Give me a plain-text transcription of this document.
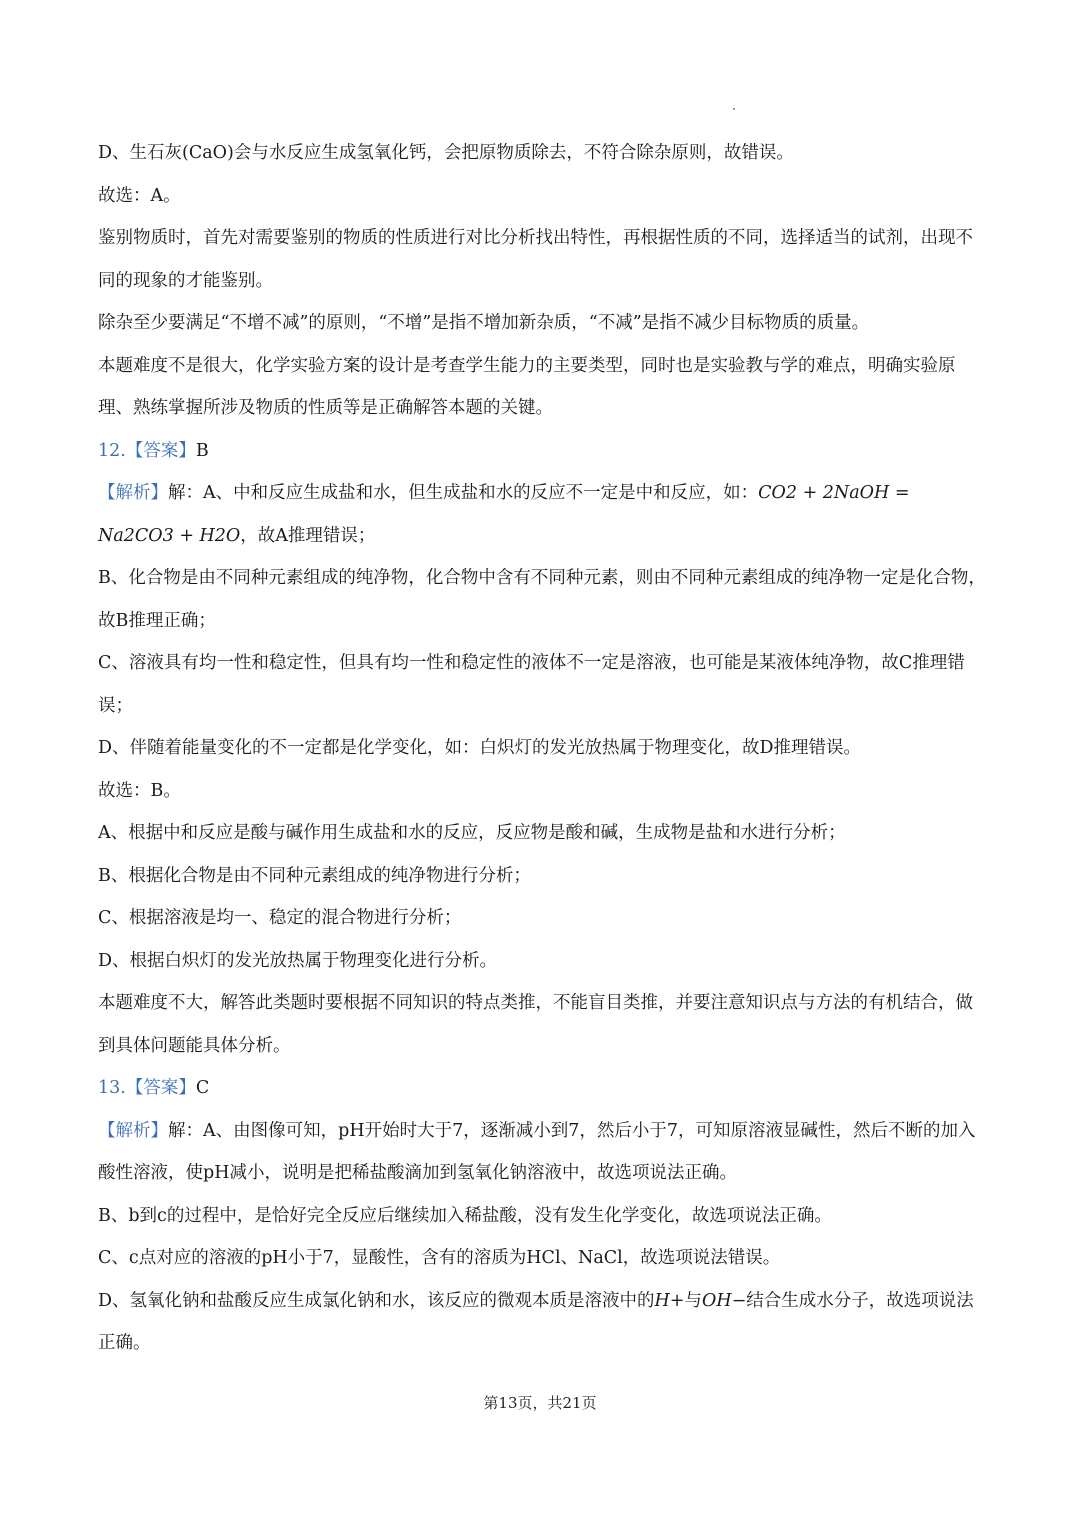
D、生石灰(CaO)会与水反应生成氢氧化钙，会把原物质除去，不符合除杂原则，故错误。

故选：A。

鉴别物质时，首先对需要鉴别的物质的性质进行对比分析找出特性，再根据性质的不同，选择适当的试剂，出现不同的现象的才能鉴别。

除杂至少要满足“不增不减”的原则，“不增”是指不增加新杂质，“不减”是指不减少目标物质的质量。

本题难度不是很大，化学实验方案的设计是考查学生能力的主要类型，同时也是实验教与学的难点，明确实验原理、熟练掌握所涉及物质的性质等是正确解答本题的关键。

12.【答案】B

【解析】解：A、中和反应生成盐和水，但生成盐和水的反应不一定是中和反应，如：CO2 + 2NaOH = Na2CO3 + H2O，故A推理错误；

B、化合物是由不同种元素组成的纯净物，化合物中含有不同种元素，则由不同种元素组成的纯净物一定是化合物，故B推理正确；

C、溶液具有均一性和稳定性，但具有均一性和稳定性的液体不一定是溶液，也可能是某液体纯净物，故C推理错误；

D、伴随着能量变化的不一定都是化学变化，如：白炽灯的发光放热属于物理变化，故D推理错误。

故选：B。

A、根据中和反应是酸与碱作用生成盐和水的反应，反应物是酸和碱，生成物是盐和水进行分析；

B、根据化合物是由不同种元素组成的纯净物进行分析；

C、根据溶液是均一、稳定的混合物进行分析；

D、根据白炽灯的发光放热属于物理变化进行分析。

本题难度不大，解答此类题时要根据不同知识的特点类推，不能盲目类推，并要注意知识点与方法的有机结合，做到具体问题能具体分析。

13.【答案】C

【解析】解：A、由图像可知，pH开始时大于7，逐渐减小到7，然后小于7，可知原溶液显碱性，然后不断的加入酸性溶液，使pH减小，说明是把稀盐酸滴加到氢氧化钠溶液中，故选项说法正确。

B、b到c的过程中，是恰好完全反应后继续加入稀盐酸，没有发生化学变化，故选项说法正确。

C、c点对应的溶液的pH小于7，显酸性，含有的溶质为HCl、NaCl，故选项说法错误。

D、氢氧化钠和盐酸反应生成氯化钠和水，该反应的微观本质是溶液中的H+与OH−结合生成水分子，故选项说法正确。

第13页，共21页
